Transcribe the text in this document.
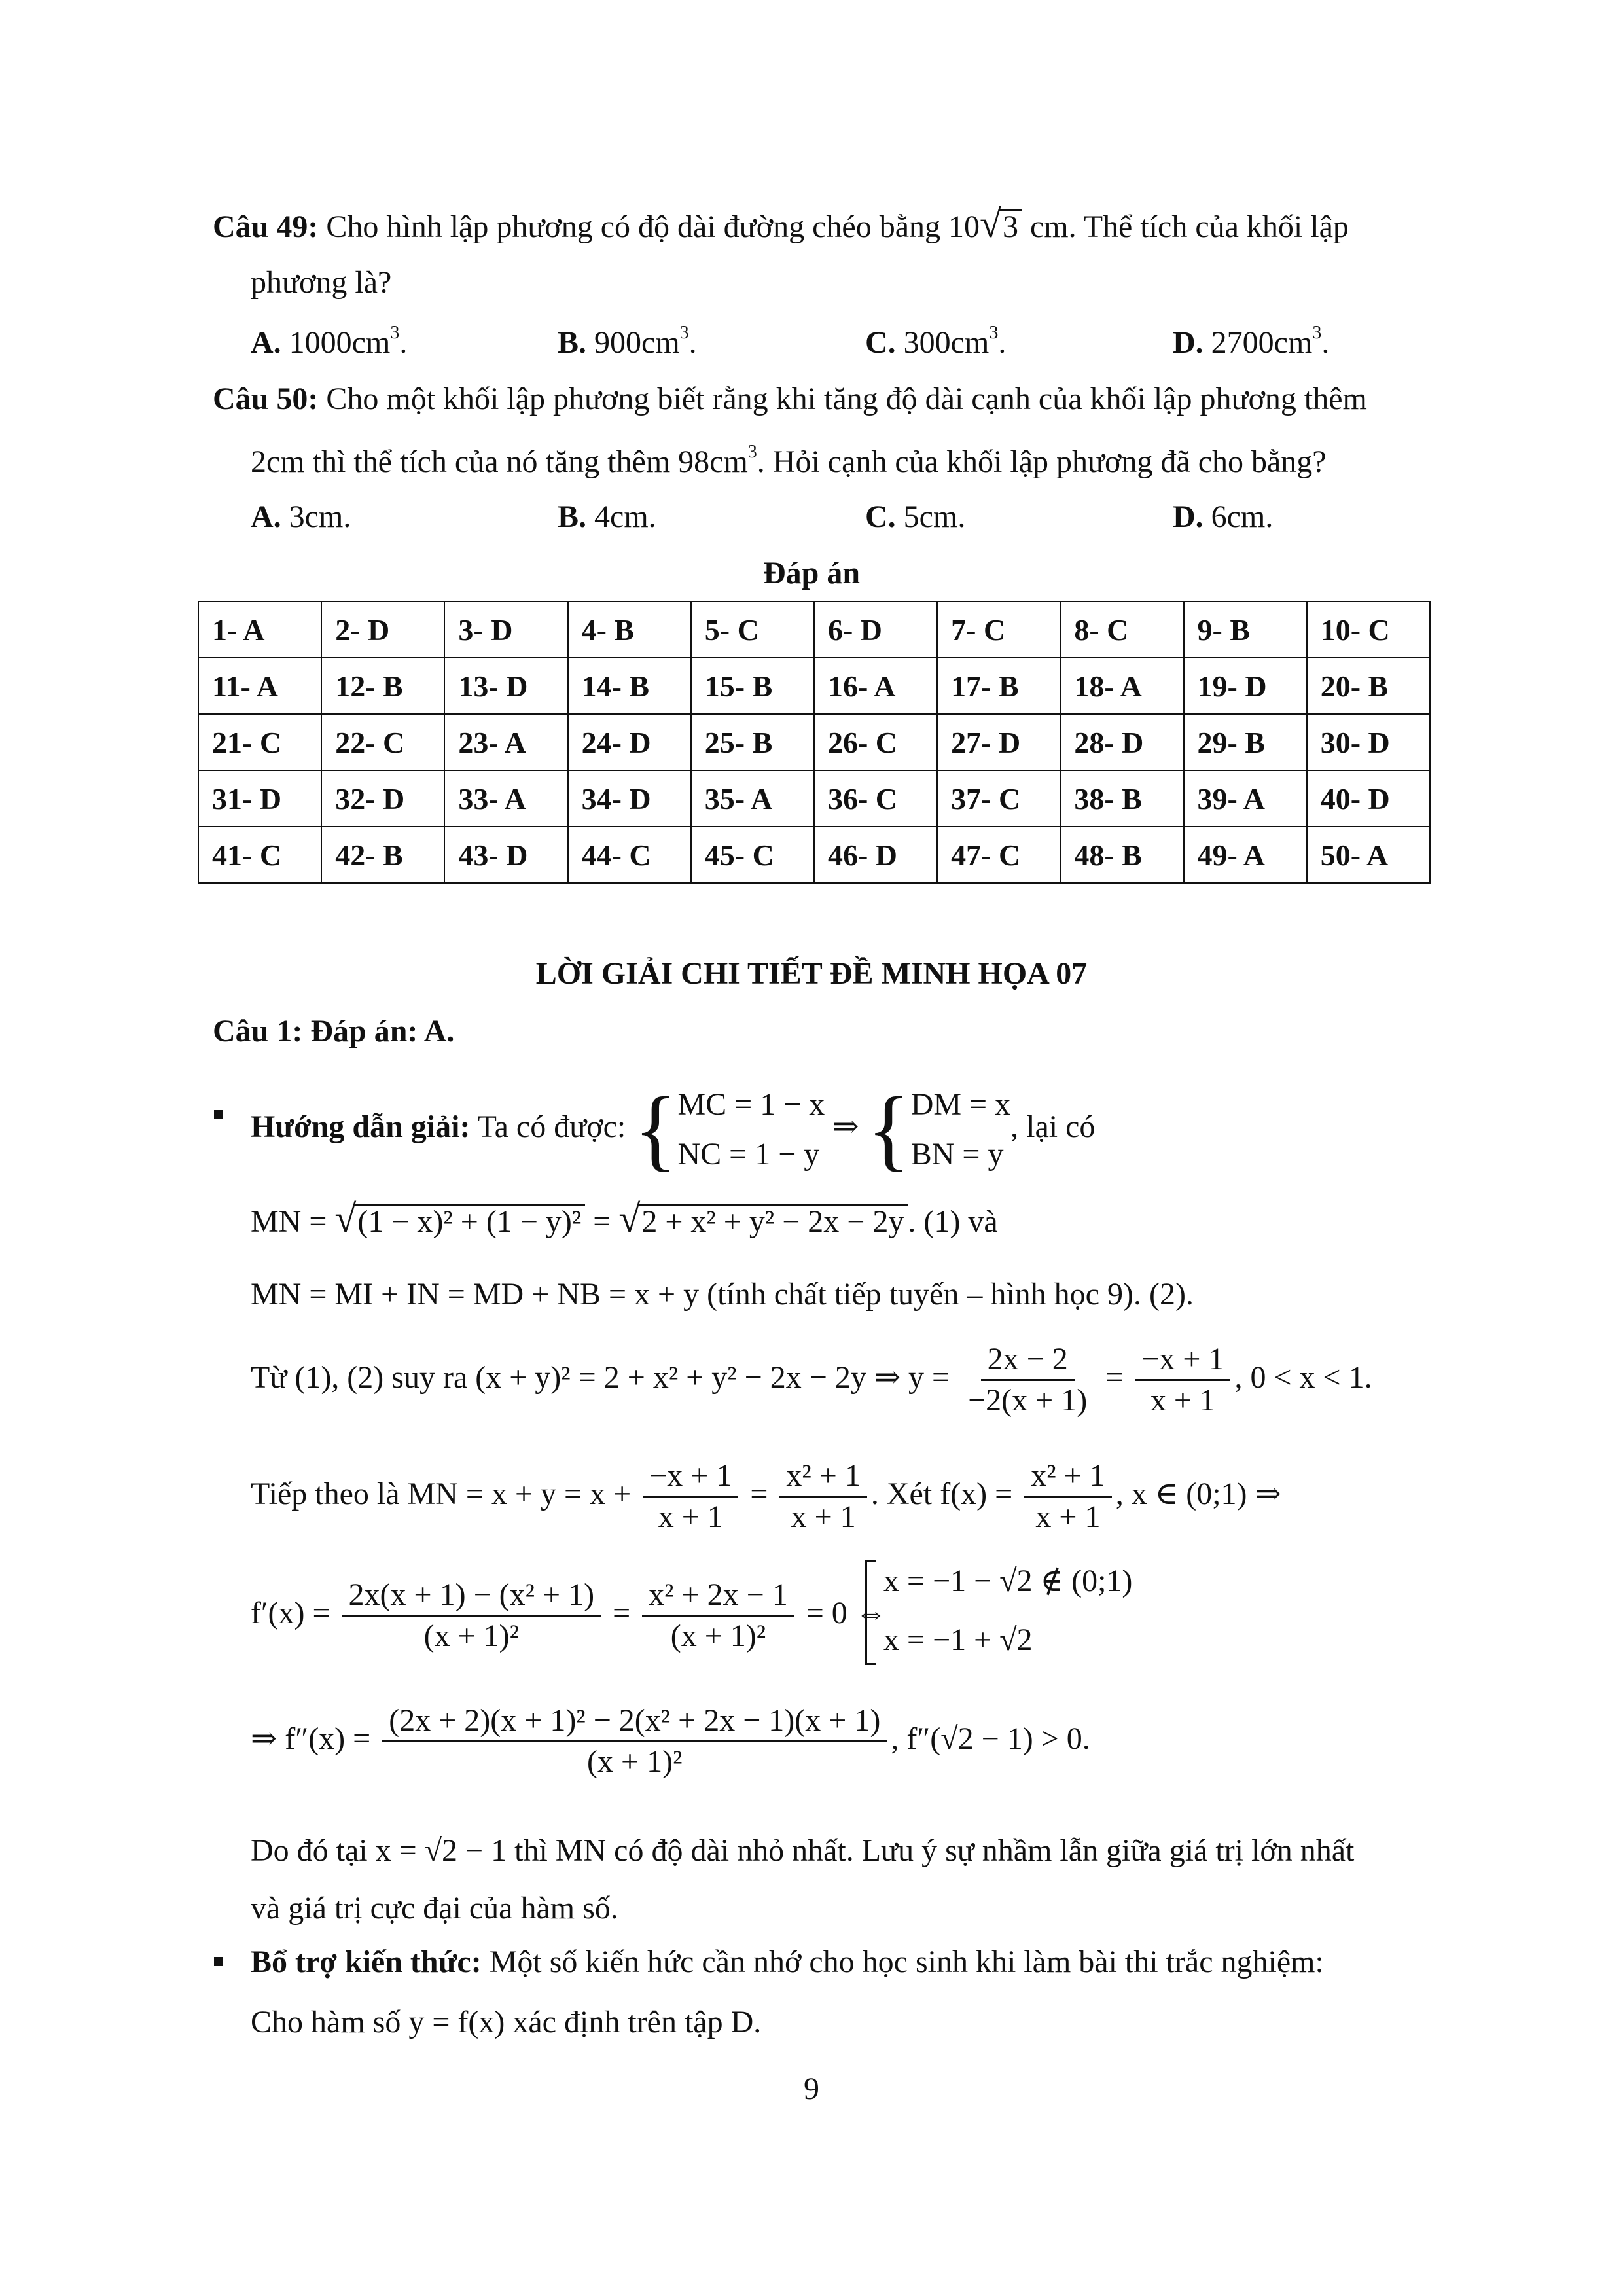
Câu 49: Cho hình lập phương có độ dài đường chéo bằng 10√3 cm. Thể tích của khối lập
phương là?
A. $1000cm^3$.	B. $900cm^3$.	C. $300cm^3$.	D. $2700cm^3$.
Câu 50: Cho một khối lập phương biết rằng khi tăng độ dài cạnh của khối lập phương thêm
2cm thì thể tích của nó tăng thêm $98cm^3$. Hỏi cạnh của khối lập phương đã cho bằng?
A. 3cm.	B. 4cm.	C. 5cm.	D. 6cm.
Đáp án
1- A	2- D	3- D	4- B	5- C	6- D	7- C	8- C	9- B	10- C
11- A	12- B	13- D	14- B	15- B	16- A	17- B	18- A	19- D	20- B
21- C	22- C	23- A	24- D	25- B	26- C	27- D	28- D	29- B	30- D
31- D	32- D	33- A	34- D	35- A	36- C	37- C	38- B	39- A	40- D
41- C	42- B	43- D	44- C	45- C	46- D	47- C	48- B	49- A	50- A
LỜI GIẢI CHI TIẾT ĐỀ MINH HỌA 07
Câu 1: Đáp án: A.
Hướng dẫn giải: Ta có được: { MC = 1 − x
NC = 1 − y
⇒ { DM = x
BN = y
, lại có
MN = √(1 − x)² + (1 − y)² = √2 + x² + y² − 2x − 2y . (1) và
MN = MI + IN = MD + NB = x + y (tính chất tiếp tuyến – hình học 9). (2).
Từ (1), (2) suy ra (x + y)² = 2 + x² + y² − 2x − 2y ⇒ $y = \frac{2x - 2}{-2(x + 1)} = \frac{-x + 1}{x + 1}$ , 0 < x < 1.
Tiếp theo là MN = $x + y = x + \frac{-x + 1}{x + 1} = \frac{\text{x² + 1}}{x + 1}$ . Xét $f(x) = \frac{\text{x² + 1}}{x + 1}$ , x ∈ (0;1) ⇒
$f'(x) = \frac{\text{2x(x + 1) − (x² + 1)}}{\text{(x + 1)²}} = \frac{\text{x² + 2x − 1}}{\text{(x + 1)²}} = 0$ ⇔
x = −1 − √2 ∉ (0;1)
x = −1 + √2
⇒ $f''(x) = \frac{\text{(2x + 2)(x + 1)² − 2(x² + 2x − 1)(x + 1)}}{\text{(x + 1)²}}$ , f″(√2 − 1) > 0.
Do đó tại x = √2 − 1 thì MN có độ dài nhỏ nhất. Lưu ý sự nhầm lẫn giữa giá trị lớn nhất
và giá trị cực đại của hàm số.
Bổ trợ kiến thức: Một số kiến hức cần nhớ cho học sinh khi làm bài thi trắc nghiệm:
Cho hàm số y = f(x) xác định trên tập D.
9
